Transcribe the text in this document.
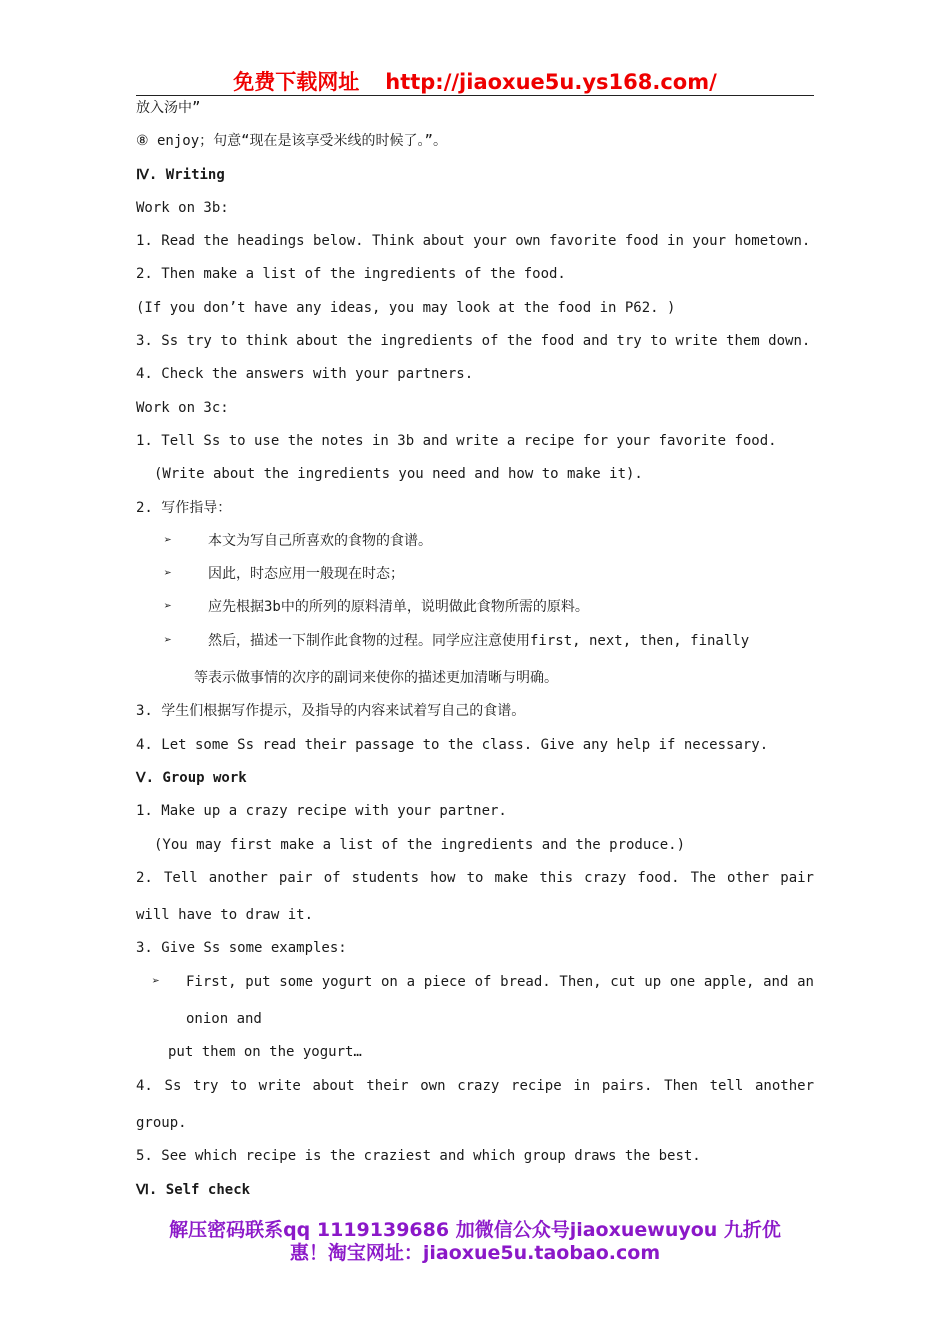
免费下载网址 http://jiaoxue5u.ys168.com/
放入汤中”
⑧ enjoy；句意“现在是该享受米线的时候了。”。
Ⅳ. Writing
Work on 3b:
1. Read the headings below. Think about your own favorite food in your hometown.
2. Then make a list of the ingredients of the food.
(If you don’t have any ideas, you may look at the food in P62. )
3. Ss try to think about the ingredients of the food and try to write them down.
4. Check the answers with your partners.
Work on 3c:
1. Tell Ss to use the notes in 3b and write a recipe for your favorite food.
(Write about the ingredients you need and how to make it).
2. 写作指导：
➢	本文为写自己所喜欢的食物的食谱。
➢	因此，时态应用一般现在时态；
➢	应先根据3b中的所列的原料清单，说明做此食物所需的原料。
➢	然后，描述一下制作此食物的过程。同学应注意使用first, next, then, finally
等表示做事情的次序的副词来使你的描述更加清晰与明确。
3. 学生们根据写作提示，及指导的内容来试着写自己的食谱。
4. Let some Ss read their passage to the class. Give any help if necessary.
Ⅴ. Group work
1. Make up a crazy recipe with your partner.
(You may first make a list of the ingredients and the produce.)
2. Tell another pair of students how to make this crazy food. The other pair
will have to draw it.
3. Give Ss some examples:
➢	First, put some yogurt on a piece of bread. Then, cut up one apple, and an
onion and
put them on the yogurt…
4. Ss try to write about their own crazy recipe in pairs. Then tell another
group.
5. See which recipe is the craziest and which group draws the best.
Ⅵ. Self check
解压密码联系qq 1119139686 加微信公众号jiaoxuewuyou 九折优
惠！淘宝网址：jiaoxue5u.taobao.com
